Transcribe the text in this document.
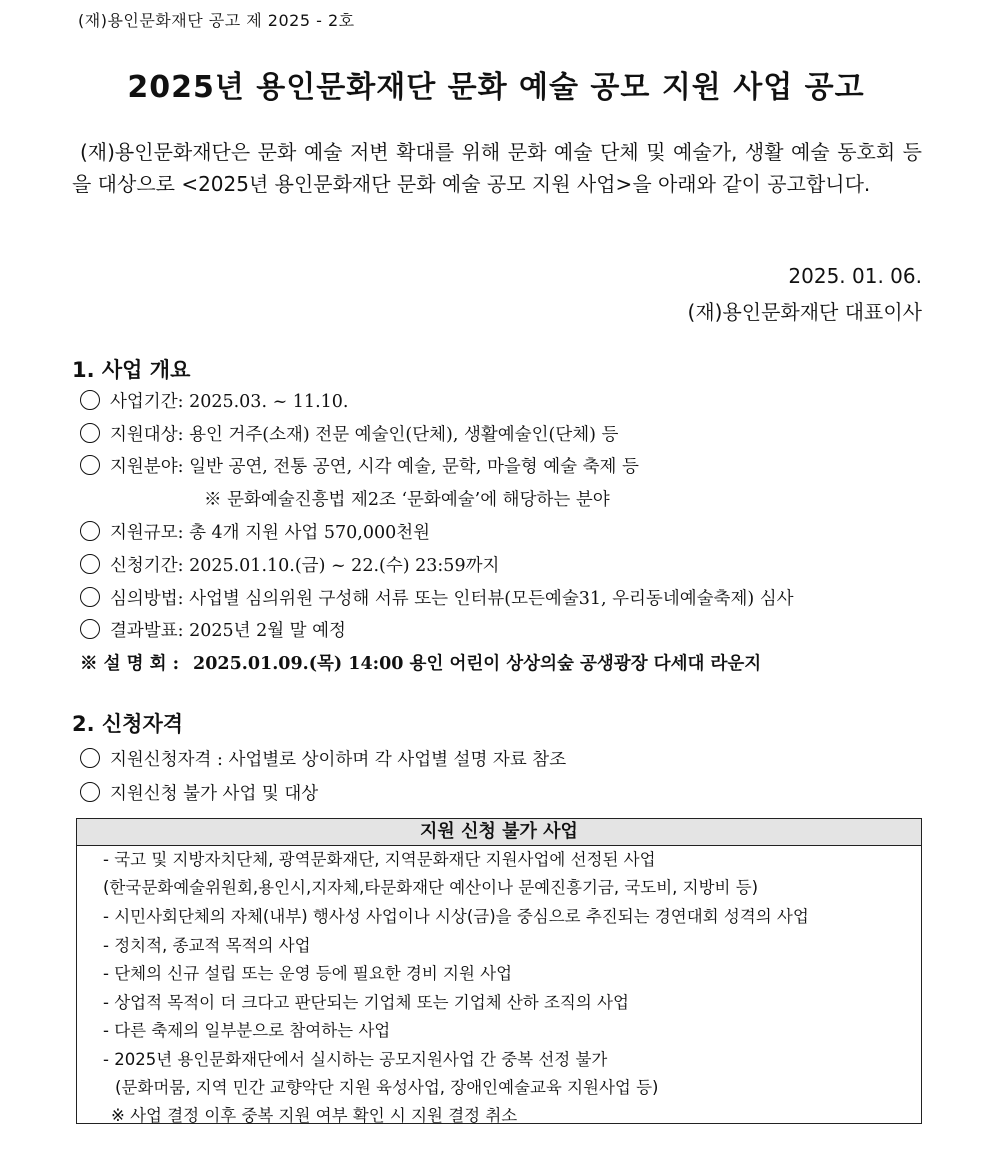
(재)용인문화재단 공고 제 2025 - 2호
2025년 용인문화재단 문화 예술 공모 지원 사업 공고

(재)용인문화재단은 문화 예술 저변 확대를 위해 문화 예술 단체 및 예술가, 생활 예술 동호회 등을 대상으로 <2025년 용인문화재단 문화 예술 공모 지원 사업>을 아래와 같이 공고합니다.

2025. 01. 06.
(재)용인문화재단 대표이사
1. 사업 개요
사업기간: 2025.03. ~ 11.10.
지원대상: 용인 거주(소재) 전문 예술인(단체), 생활예술인(단체) 등
지원분야: 일반 공연, 전통 공연, 시각 예술, 문학, 마을형 예술 축제 등
※ 문화예술진흥법 제2조 ‘문화예술’에 해당하는 분야
지원규모: 총 4개 지원 사업 570,000천원
신청기간: 2025.01.10.(금) ~ 22.(수) 23:59까지
심의방법: 사업별 심의위원 구성해 서류 또는 인터뷰(모든예술31, 우리동네예술축제) 심사
결과발표: 2025년 2월 말 예정
※ 설 명 회 : 2025.01.09.(목) 14:00 용인 어린이 상상의숲 공생광장 다세대 라운지
2. 신청자격
지원신청자격 : 사업별로 상이하며 각 사업별 설명 자료 참조
지원신청 불가 사업 및 대상
지원 신청 불가 사업
- 국고 및 지방자치단체, 광역문화재단, 지역문화재단 지원사업에 선정된 사업
(한국문화예술위원회,용인시,지자체,타문화재단 예산이나 문예진흥기금, 국도비, 지방비 등)
- 시민사회단체의 자체(내부) 행사성 사업이나 시상(금)을 중심으로 추진되는 경연대회 성격의 사업
- 정치적, 종교적 목적의 사업
- 단체의 신규 설립 또는 운영 등에 필요한 경비 지원 사업
- 상업적 목적이 더 크다고 판단되는 기업체 또는 기업체 산하 조직의 사업
- 다른 축제의 일부분으로 참여하는 사업
- 2025년 용인문화재단에서 실시하는 공모지원사업 간 중복 선정 불가
(문화머뭄, 지역 민간 교향악단 지원 육성사업, 장애인예술교육 지원사업 등)
※ 사업 결정 이후 중복 지원 여부 확인 시 지원 결정 취소
